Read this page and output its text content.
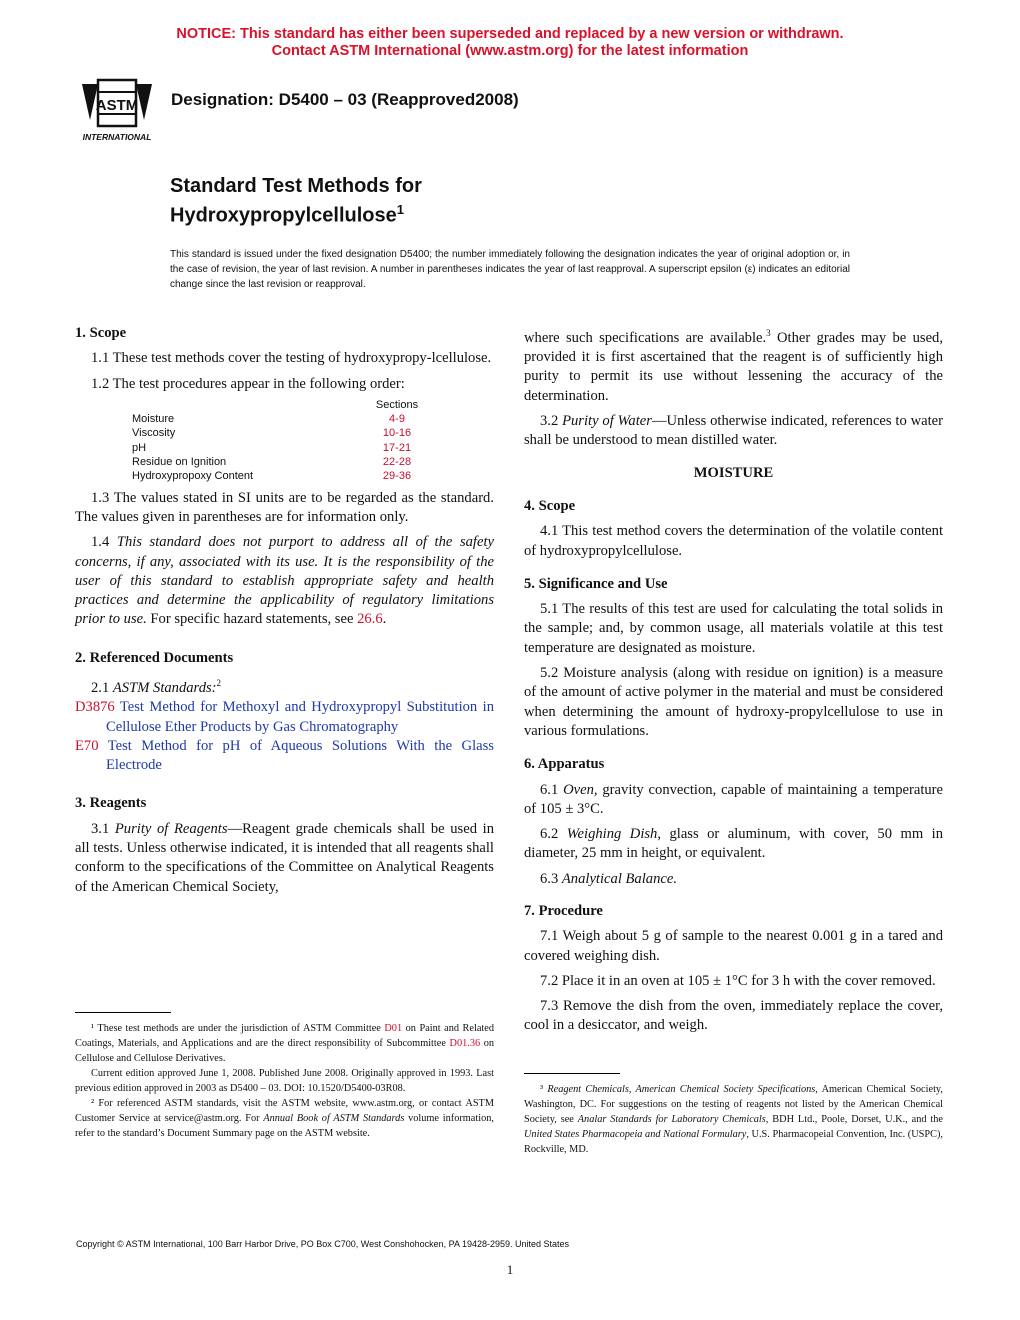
NOTICE: This standard has either been superseded and replaced by a new version or withdrawn.
Contact ASTM International (www.astm.org) for the latest information
ASTM
INTERNATIONAL
Designation: D5400 – 03 (Reapproved2008)
Standard Test Methods for
Hydroxypropylcellulose$^1$
This standard is issued under the fixed designation D5400; the number immediately following the designation indicates the year of original adoption or, in the case of revision, the year of last revision. A number in parentheses indicates the year of last reapproval. A superscript epsilon (ε) indicates an editorial change since the last revision or reapproval.
1. Scope

1.1 These test methods cover the testing of hydroxypropy-lcellulose.

1.2 The test procedures appear in the following order:

	Sections
Moisture	4-9
Viscosity	10-16
pH	17-21
Residue on Ignition	22-28
Hydroxypropoxy Content	29-36

1.3 The values stated in SI units are to be regarded as the standard. The values given in parentheses are for information only.

1.4 This standard does not purport to address all of the safety concerns, if any, associated with its use. It is the responsibility of the user of this standard to establish appropriate safety and health practices and determine the applicability of regulatory limitations prior to use. For specific hazard statements, see 26.6.

2. Referenced Documents

2.1 ASTM Standards:$^2$

D3876 Test Method for Methoxyl and Hydroxypropyl Substitution in Cellulose Ether Products by Gas Chromatography

E70 Test Method for pH of Aqueous Solutions With the Glass Electrode

3. Reagents

3.1 Purity of Reagents—Reagent grade chemicals shall be used in all tests. Unless otherwise indicated, it is intended that all reagents shall conform to the specifications of the Committee on Analytical Reagents of the American Chemical Society,

¹ These test methods are under the jurisdiction of ASTM Committee D01 on Paint and Related Coatings, Materials, and Applications and are the direct responsibility of Subcommittee D01.36 on Cellulose and Cellulose Derivatives.

Current edition approved June 1, 2008. Published June 2008. Originally approved in 1993. Last previous edition approved in 2003 as D5400 – 03. DOI: 10.1520/D5400-03R08.

² For referenced ASTM standards, visit the ASTM website, www.astm.org, or contact ASTM Customer Service at service@astm.org. For Annual Book of ASTM Standards volume information, refer to the standard’s Document Summary page on the ASTM website.

where such specifications are available.$^3$ Other grades may be used, provided it is first ascertained that the reagent is of sufficiently high purity to permit its use without lessening the accuracy of the determination.

3.2 Purity of Water—Unless otherwise indicated, references to water shall be understood to mean distilled water.

MOISTURE
4. Scope

4.1 This test method covers the determination of the volatile content of hydroxypropylcellulose.

5. Significance and Use

5.1 The results of this test are used for calculating the total solids in the sample; and, by common usage, all materials volatile at this test temperature are designated as moisture.

5.2 Moisture analysis (along with residue on ignition) is a measure of the amount of active polymer in the material and must be considered when determining the amount of hydroxy-propylcellulose to use in various formulations.

6. Apparatus

6.1 Oven, gravity convection, capable of maintaining a temperature of 105 ± 3°C.

6.2 Weighing Dish, glass or aluminum, with cover, 50 mm in diameter, 25 mm in height, or equivalent.

6.3 Analytical Balance.

7. Procedure

7.1 Weigh about 5 g of sample to the nearest 0.001 g in a tared and covered weighing dish.

7.2 Place it in an oven at 105 ± 1°C for 3 h with the cover removed.

7.3 Remove the dish from the oven, immediately replace the cover, cool in a desiccator, and weigh.

³ Reagent Chemicals, American Chemical Society Specifications, American Chemical Society, Washington, DC. For suggestions on the testing of reagents not listed by the American Chemical Society, see Analar Standards for Laboratory Chemicals, BDH Ltd., Poole, Dorset, U.K., and the United States Pharmacopeia and National Formulary, U.S. Pharmacopeial Convention, Inc. (USPC), Rockville, MD.

Copyright © ASTM International, 100 Barr Harbor Drive, PO Box C700, West Conshohocken, PA 19428-2959. United States
1
